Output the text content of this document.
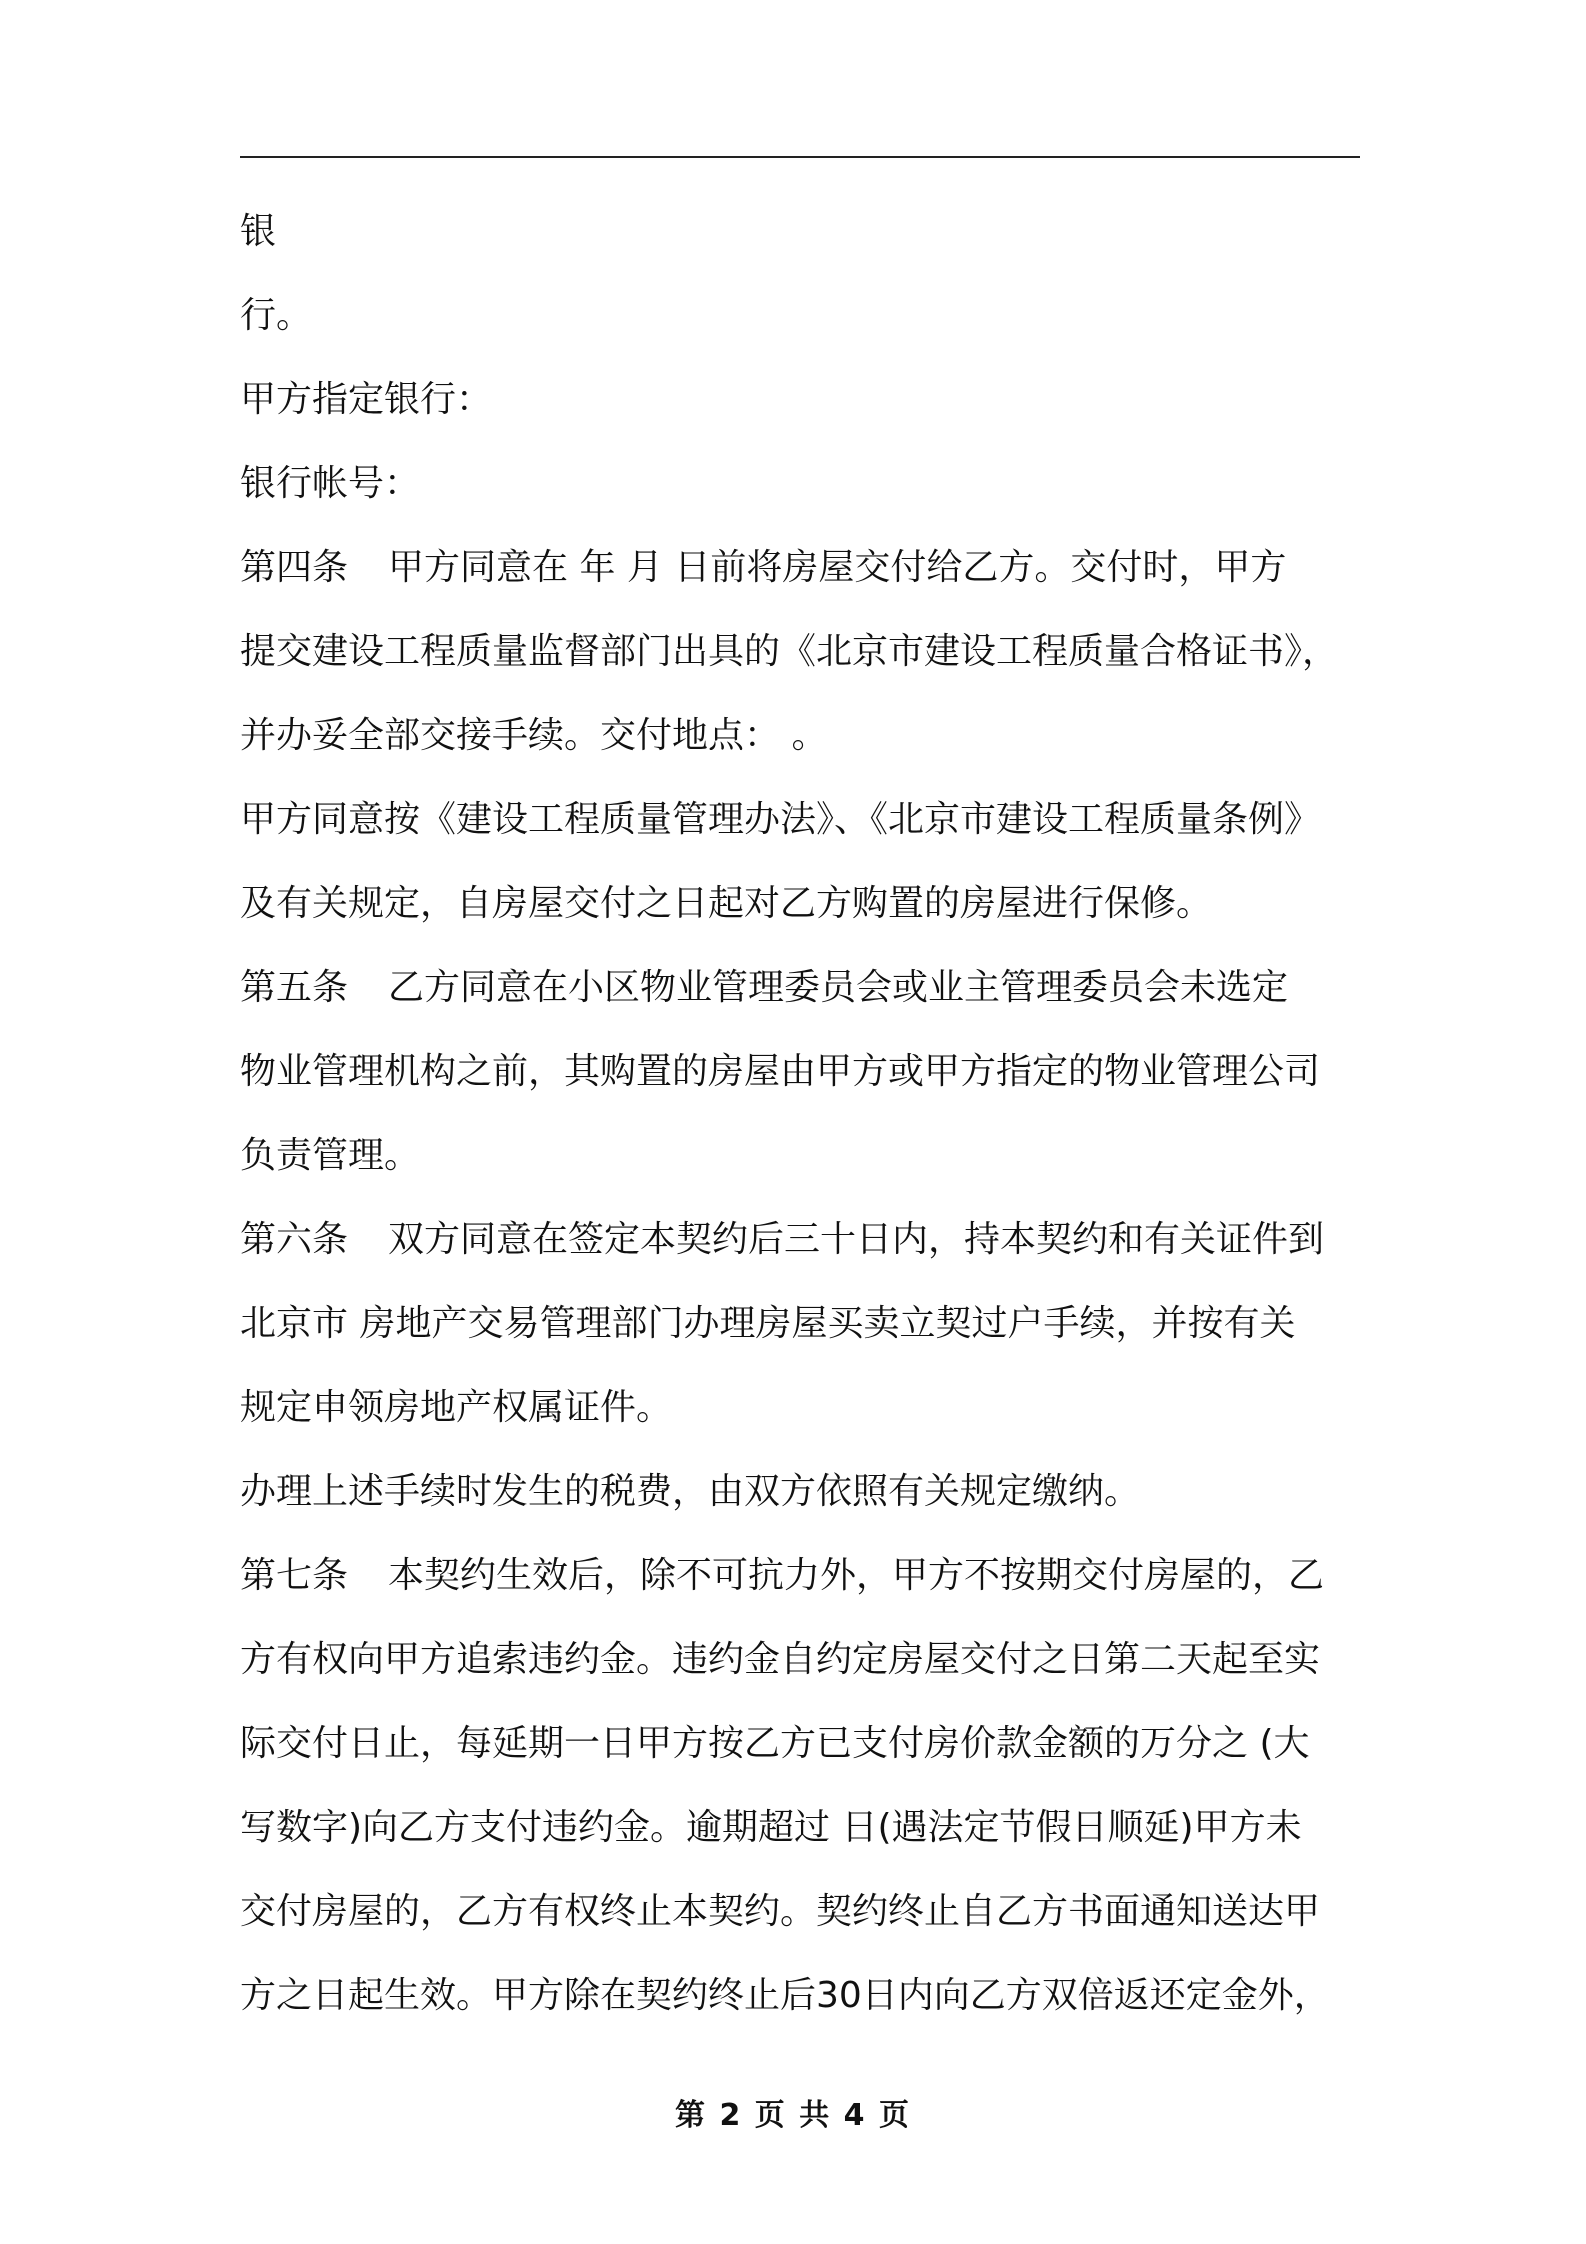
银
行。
甲方指定银行：
银行帐号：
第四条 甲方同意在 年 月 日前将房屋交付给乙方。交付时，甲方
提交建设工程质量监督部门出具的《北京市建设工程质量合格证书》，
并办妥全部交接手续。交付地点： 。
甲方同意按《建设工程质量管理办法》、《北京市建设工程质量条例》
及有关规定，自房屋交付之日起对乙方购置的房屋进行保修。
第五条 乙方同意在小区物业管理委员会或业主管理委员会未选定
物业管理机构之前，其购置的房屋由甲方或甲方指定的物业管理公司
负责管理。
第六条 双方同意在签定本契约后三十日内，持本契约和有关证件到
北京市 房地产交易管理部门办理房屋买卖立契过户手续，并按有关
规定申领房地产权属证件。
办理上述手续时发生的税费，由双方依照有关规定缴纳。
第七条 本契约生效后，除不可抗力外，甲方不按期交付房屋的，乙
方有权向甲方追索违约金。违约金自约定房屋交付之日第二天起至实
际交付日止，每延期一日甲方按乙方已支付房价款金额的万分之 (大
写数字)向乙方支付违约金。逾期超过 日(遇法定节假日顺延)甲方未
交付房屋的，乙方有权终止本契约。契约终止自乙方书面通知送达甲
方之日起生效。甲方除在契约终止后30日内向乙方双倍返还定金外，
第 2 页 共 4 页
